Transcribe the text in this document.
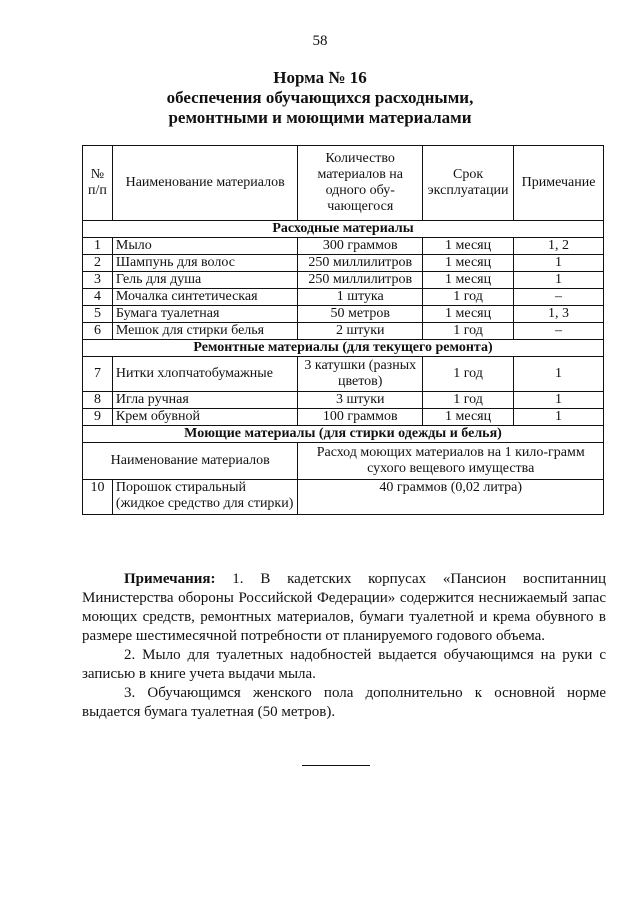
58
Норма № 16
обеспечения обучающихся расходными,
ремонтными и моющими материалами
№ п/п	Наименование материалов	Количество материалов на одного обу-чающегося	Срок эксплуатации	Примечание
Расходные материалы				
1	Мыло	300 граммов	1 месяц	1, 2
2	Шампунь для волос	250 миллилитров	1 месяц	1
3	Гель для душа	250 миллилитров	1 месяц	1
4	Мочалка синтетическая	1 штука	1 год	–
5	Бумага туалетная	50 метров	1 месяц	1, 3
6	Мешок для стирки белья	2 штуки	1 год	–
Ремонтные материалы (для текущего ремонта)				
7	Нитки хлопчатобумажные	3 катушки (разных цветов)	1 год	1
8	Игла ручная	3 штуки	1 год	1
9	Крем обувной	100 граммов	1 месяц	1
Моющие материалы (для стирки одежды и белья)				
Наименование материалов		Расход моющих материалов на 1 кило-грамм сухого вещевого имущества		
10	Порошок стиральный (жидкое средство для стирки)	40 граммов (0,02 литра)		

Примечания: 1. В кадетских корпусах «Пансион воспитанниц Министерства обороны Российской Федерации» содержится неснижаемый запас моющих средств, ремонтных материалов, бумаги туалетной и крема обувного в размере шестимесячной потребности от планируемого годового объема.

2. Мыло для туалетных надобностей выдается обучающимся на руки с записью в книге учета выдачи мыла.

3. Обучающимся женского пола дополнительно к основной норме выдается бумага туалетная (50 метров).
